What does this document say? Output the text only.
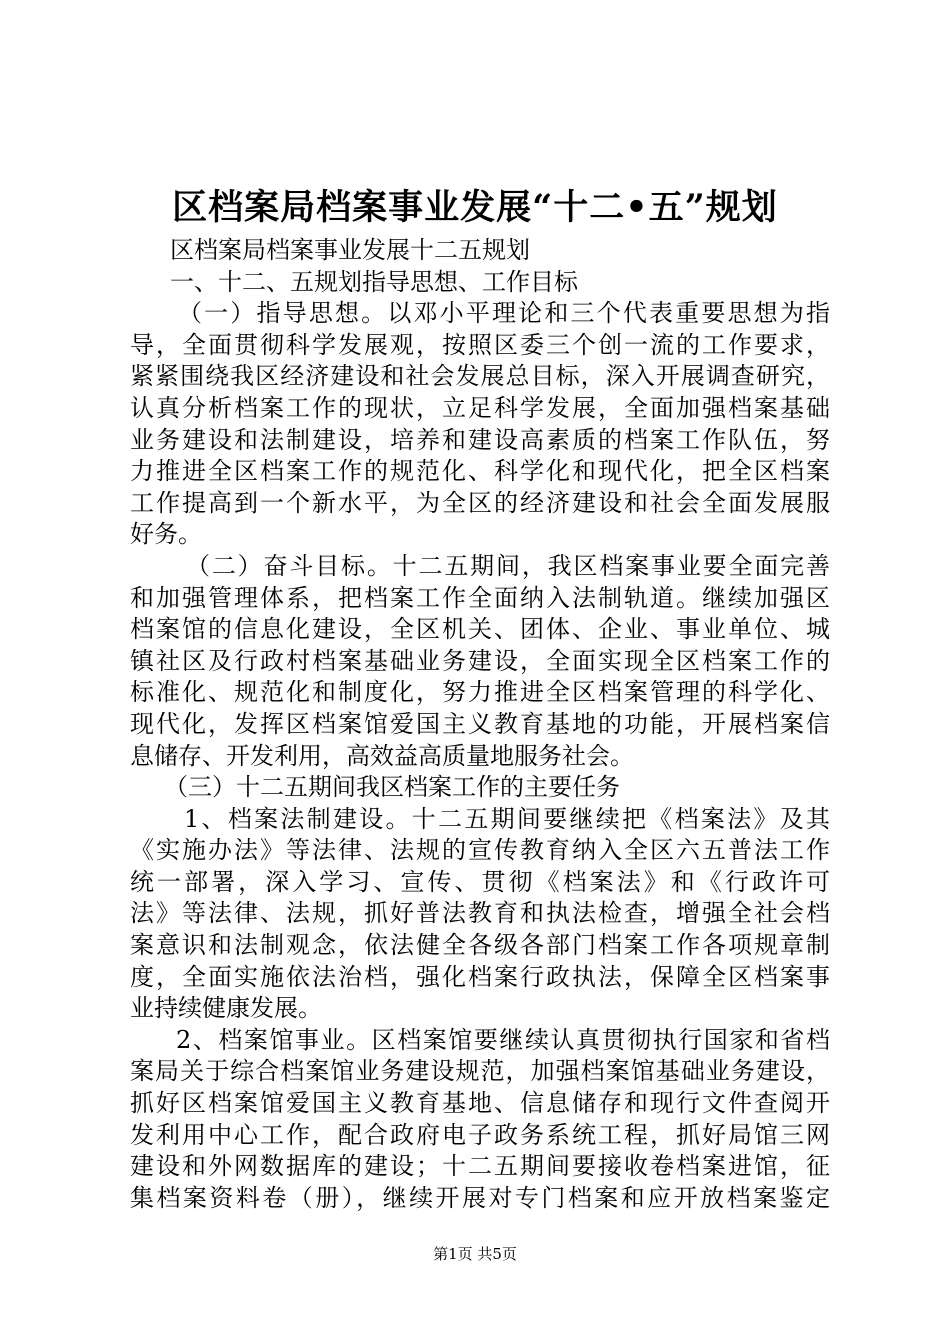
区档案局档案事业发展“十二•五”规划
区档案局档案事业发展十二五规划
一、十二、五规划指导思想、工作目标
（一）指导思想。以邓小平理论和三个代表重要思想为指
导，全面贯彻科学发展观，按照区委三个创一流的工作要求，
紧紧围绕我区经济建设和社会发展总目标，深入开展调查研究，
认真分析档案工作的现状，立足科学发展，全面加强档案基础
业务建设和法制建设，培养和建设高素质的档案工作队伍，努
力推进全区档案工作的规范化、科学化和现代化，把全区档案
工作提高到一个新水平，为全区的经济建设和社会全面发展服
好务。
（二）奋斗目标。十二五期间，我区档案事业要全面完善
和加强管理体系，把档案工作全面纳入法制轨道。继续加强区
档案馆的信息化建设，全区机关、团体、企业、事业单位、城
镇社区及行政村档案基础业务建设，全面实现全区档案工作的
标准化、规范化和制度化，努力推进全区档案管理的科学化、
现代化，发挥区档案馆爱国主义教育基地的功能，开展档案信
息储存、开发利用，高效益高质量地服务社会。
（三）十二五期间我区档案工作的主要任务
1、档案法制建设。十二五期间要继续把《档案法》及其
《实施办法》等法律、法规的宣传教育纳入全区六五普法工作
统一部署，深入学习、宣传、贯彻《档案法》和《行政许可
法》等法律、法规，抓好普法教育和执法检查，增强全社会档
案意识和法制观念，依法健全各级各部门档案工作各项规章制
度，全面实施依法治档，强化档案行政执法，保障全区档案事
业持续健康发展。
2、档案馆事业。区档案馆要继续认真贯彻执行国家和省档
案局关于综合档案馆业务建设规范，加强档案馆基础业务建设，
抓好区档案馆爱国主义教育基地、信息储存和现行文件查阅开
发利用中心工作，配合政府电子政务系统工程，抓好局馆三网
建设和外网数据库的建设；十二五期间要接收卷档案进馆，征
集档案资料卷（册），继续开展对专门档案和应开放档案鉴定
第1页 共5页
